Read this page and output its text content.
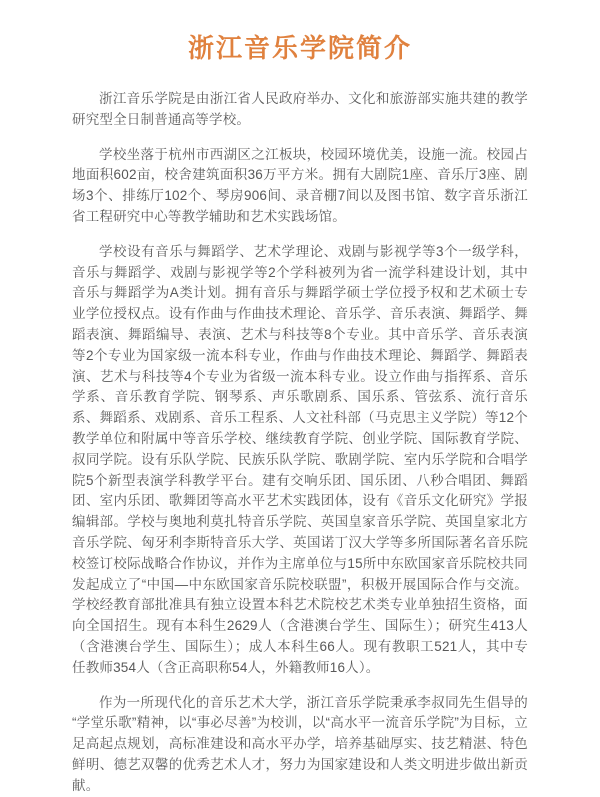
浙江音乐学院简介

浙江音乐学院是由浙江省人民政府举办、文化和旅游部实施共建的教学研究型全日制普通高等学校。

学校坐落于杭州市西湖区之江板块，校园环境优美，设施一流。校园占地面积602亩，校舍建筑面积36万平方米。拥有大剧院1座、音乐厅3座、剧场3个、排练厅102个、琴房906间、录音棚7间以及图书馆、数字音乐浙江省工程研究中心等教学辅助和艺术实践场馆。

学校设有音乐与舞蹈学、艺术学理论、戏剧与影视学等3个一级学科，音乐与舞蹈学、戏剧与影视学等2个学科被列为省一流学科建设计划，其中音乐与舞蹈学为A类计划。拥有音乐与舞蹈学硕士学位授予权和艺术硕士专业学位授权点。设有作曲与作曲技术理论、音乐学、音乐表演、舞蹈学、舞蹈表演、舞蹈编导、表演、艺术与科技等8个专业。其中音乐学、音乐表演等2个专业为国家级一流本科专业，作曲与作曲技术理论、舞蹈学、舞蹈表演、艺术与科技等4个专业为省级一流本科专业。设立作曲与指挥系、音乐学系、音乐教育学院、钢琴系、声乐歌剧系、国乐系、管弦系、流行音乐系、舞蹈系、戏剧系、音乐工程系、人文社科部（马克思主义学院）等12个教学单位和附属中等音乐学校、继续教育学院、创业学院、国际教育学院、叔同学院。设有乐队学院、民族乐队学院、歌剧学院、室内乐学院和合唱学院5个新型表演学科教学平台。建有交响乐团、国乐团、八秒合唱团、舞蹈团、室内乐团、歌舞团等高水平艺术实践团体，设有《音乐文化研究》学报编辑部。学校与奥地利莫扎特音乐学院、英国皇家音乐学院、英国皇家北方音乐学院、匈牙利李斯特音乐大学、英国诺丁汉大学等多所国际著名音乐院校签订校际战略合作协议，并作为主席单位与15所中东欧国家音乐院校共同发起成立了“中国—中东欧国家音乐院校联盟”，积极开展国际合作与交流。学校经教育部批准具有独立设置本科艺术院校艺术类专业单独招生资格，面向全国招生。现有本科生2629人（含港澳台学生、国际生）；研究生413人（含港澳台学生、国际生）；成人本科生66人。现有教职工521人，其中专任教师354人（含正高职称54人，外籍教师16人）。

作为一所现代化的音乐艺术大学，浙江音乐学院秉承李叔同先生倡导的“学堂乐歌”精神，以“事必尽善”为校训，以“高水平一流音乐学院”为目标，立足高起点规划，高标准建设和高水平办学，培养基础厚实、技艺精湛、特色鲜明、德艺双馨的优秀艺术人才，努力为国家建设和人类文明进步做出新贡献。
